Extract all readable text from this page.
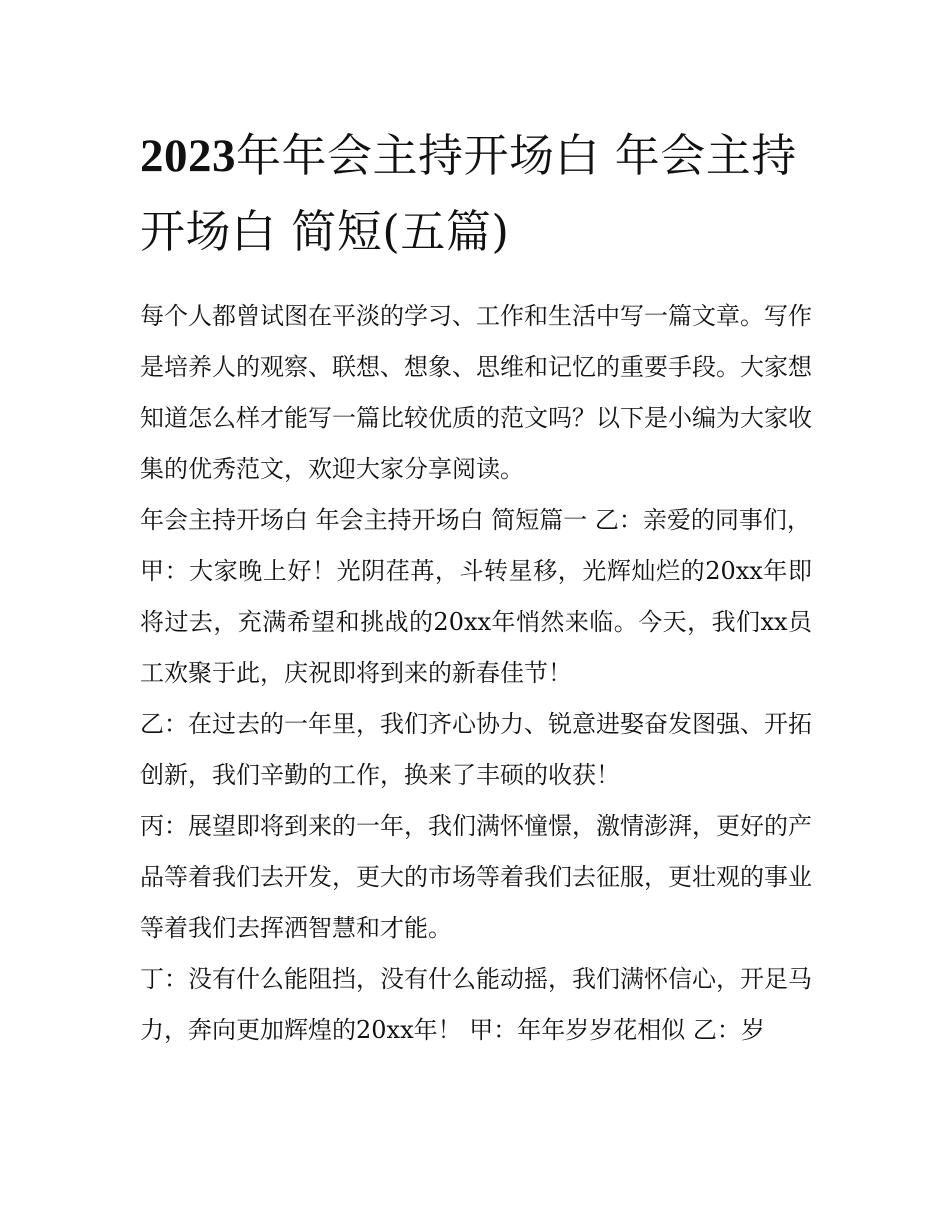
2023年年会主持开场白 年会主持开场白 简短(五篇)

每个人都曾试图在平淡的学习、工作和生活中写一篇文章。写作是培养人的观察、联想、想象、思维和记忆的重要手段。大家想知道怎么样才能写一篇比较优质的范文吗？以下是小编为大家收集的优秀范文，欢迎大家分享阅读。

年会主持开场白 年会主持开场白 简短篇一 乙：亲爱的同事们，

甲：大家晚上好！光阴荏苒，斗转星移，光辉灿烂的20xx年即将过去，充满希望和挑战的20xx年悄然来临。今天，我们xx员工欢聚于此，庆祝即将到来的新春佳节！

乙：在过去的一年里，我们齐心协力、锐意进娶奋发图强、开拓创新，我们辛勤的工作，换来了丰硕的收获！

丙：展望即将到来的一年，我们满怀憧憬，激情澎湃，更好的产品等着我们去开发，更大的市场等着我们去征服，更壮观的事业等着我们去挥洒智慧和才能。

丁：没有什么能阻挡，没有什么能动摇，我们满怀信心，开足马力，奔向更加辉煌的20xx年！ 甲：年年岁岁花相似 乙：岁
